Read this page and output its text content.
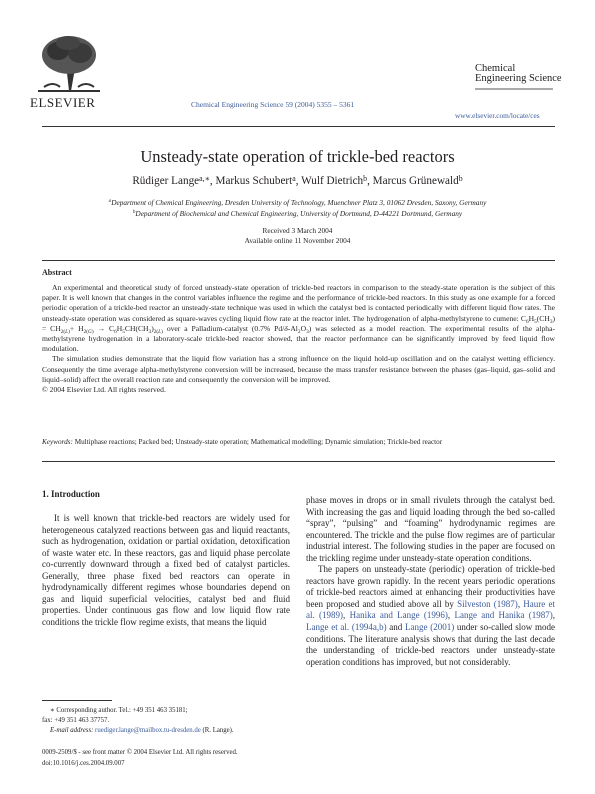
ELSEVIER	Chemical Engineering Science 59 (2004) 5355 – 5361
Chemical
Engineering Science
www.elsevier.com/locate/ces
Unsteady-state operation of trickle-bed reactors
Rüdiger Lange$^{a,∗}$, Markus Schubert$^a$, Wulf Dietrich$^b$, Marcus Grünewald$^b$
$^a$Department of Chemical Engineering, Dresden University of Technology, Muenchner Platz 3, 01062 Dresden, Saxony, Germany
$^b$Department of Biochemical and Chemical Engineering, University of Dortmund, D-44221 Dortmund, Germany
Received 3 March 2004
Available online 11 November 2004
Abstract

An experimental and theoretical study of forced unsteady-state operation of trickle-bed reactors in comparison to the steady-state operation is the subject of this paper. It is well known that changes in the control variables influence the regime and the performance of trickle-bed reactors. In this study as one example for a forced periodic operation of a trickle-bed reactor an unsteady-state technique was used in which the catalyst bed is contacted periodically with different liquid flow rates. The unsteady-state operation was considered as square-waves cycling liquid flow rate at the reactor inlet. The hydrogenation of alpha-methylstyrene to cumene: $C_6H_5(CH_3) = CH_{2(L)}+ H_{2(G)} \to C_6H_5CH(CH_3)_{2(L)}$ over a Palladium-catalyst (0.7% $Pd/\delta-Al_2O_3$) was selected as a model reaction. The experimental results of the alpha-methylstyrene hydrogenation in a laboratory-scale trickle-bed reactor showed, that the reactor performance can be significantly improved by feed liquid flow modulation.

The simulation studies demonstrate that the liquid flow variation has a strong influence on the liquid hold-up oscillation and on the catalyst wetting efficiency. Consequently the time average alpha-methylstyrene conversion will be increased, because the mass transfer resistance between the phases (gas–liquid, gas–solid and liquid–solid) affect the overall reaction rate and consequently the conversion will be improved.

© 2004 Elsevier Ltd. All rights reserved.

Keywords: Multiphase reactions; Packed bed; Unsteady-state operation; Mathematical modelling; Dynamic simulation; Trickle-bed reactor
1. Introduction

It is well known that trickle-bed reactors are widely used for heterogeneous catalyzed reactions between gas and liquid reactants, such as hydrogenation, oxidation or partial oxidation, detoxification of waste water etc. In these reactors, gas and liquid phase percolate co-currently downward through a fixed bed of catalyst particles. Generally, three phase fixed bed reactors can operate in hydrodynamically different regimes whose boundaries depend on gas and liquid superficial velocities, catalyst bed and fluid properties. Under continuous gas flow and low liquid flow rate conditions the trickle flow regime exists, that means the liquid

phase moves in drops or in small rivulets through the catalyst bed. With increasing the gas and liquid loading through the bed so-called “spray”, “pulsing” and “foaming” hydrodynamic regimes are encountered. The trickle and the pulse flow regimes are of particular industrial interest. The following studies in the paper are focused on the trickling regime under unsteady-state operation conditions.

The papers on unsteady-state (periodic) operation of trickle-bed reactors have grown rapidly. In the recent years periodic operations of trickle-bed reactors aimed at enhancing their productivities have been proposed and studied above all by Silveston (1987), Haure et al. (1989), Hanika and Lange (1996), Lange and Hanika (1987), Lange et al. (1994a,b) and Lange (2001) under so-called slow mode conditions. The literature analysis shows that during the last decade the understanding of trickle-bed reactors under unsteady-state operation conditions has improved, but not considerably.

∗ Corresponding author. Tel.: +49 351 463 35181;
fax: +49 351 463 37757.
E-mail address: ruediger.lange@mailbox.tu-dresden.de (R. Lange).
0009-2509/$ - see front matter © 2004 Elsevier Ltd. All rights reserved.
doi:10.1016/j.ces.2004.09.007
